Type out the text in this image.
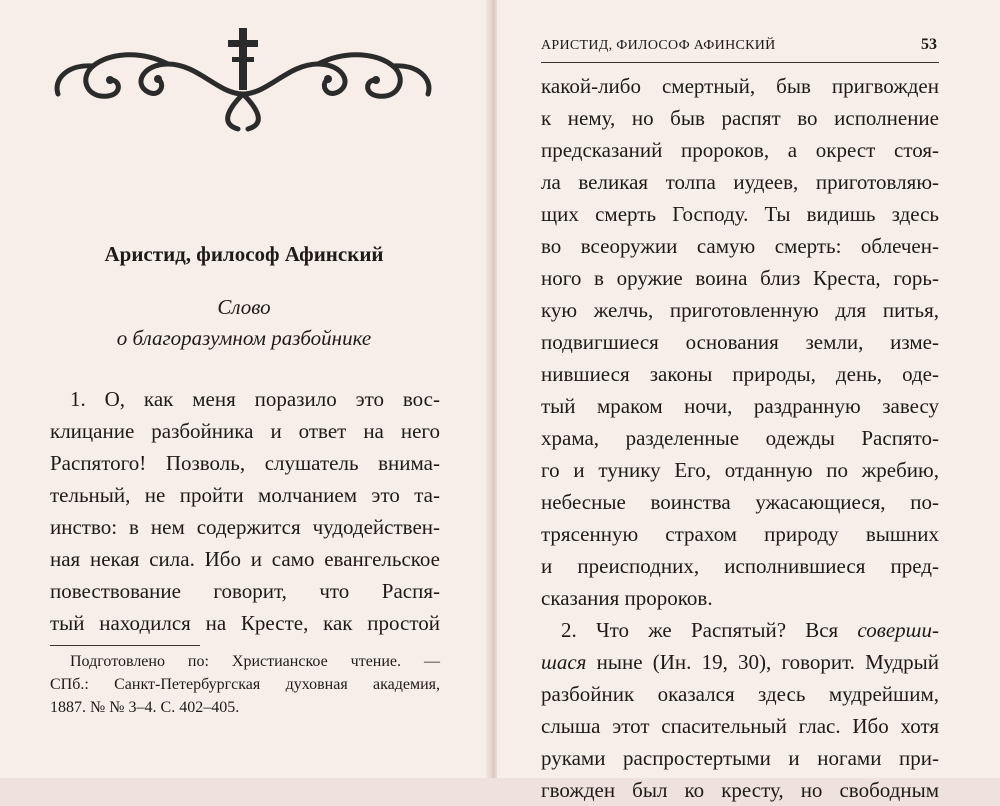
Аристид, философ Афинский
Слово
о благоразумном разбойнике
1. О, как меня поразило это вос-
клицание разбойника и ответ на него
Распятого! Позволь, слушатель внима-
тельный, не пройти молчанием это та-
инство: в нем содержится чудодействен-
ная некая сила. Ибо и само евангельское
повествование говорит, что Распя-
тый находился на Кресте, как простой
Подготовлено по: Христианское чтение. —
СПб.: Санкт-Петербургская духовная академия,
1887. № № 3–4. С. 402–405.
АРИСТИД, ФИЛОСОФ АФИНСКИЙ	53
какой-либо смертный, быв пригвожден
к нему, но быв распят во исполнение
предсказаний пророков, а окрест стоя-
ла великая толпа иудеев, приготовляю-
щих смерть Господу. Ты видишь здесь
во всеоружии самую смерть: облечен-
ного в оружие воина близ Креста, горь-
кую желчь, приготовленную для питья,
подвигшиеся основания земли, изме-
нившиеся законы природы, день, оде-
тый мраком ночи, раздранную завесу
храма, разделенные одежды Распято-
го и тунику Его, отданную по жребию,
небесные воинства ужасающиеся, по-
трясенную страхом природу вышних
и преисподних, исполнившиеся пред-
сказания пророков.
2. Что же Распятый? Вся соверши-
шася ныне (Ин. 19, 30), говорит. Мудрый
разбойник оказался здесь мудрейшим,
слыша этот спасительный глас. Ибо хотя
руками распростертыми и ногами при-
гвожден был ко кресту, но свободным
